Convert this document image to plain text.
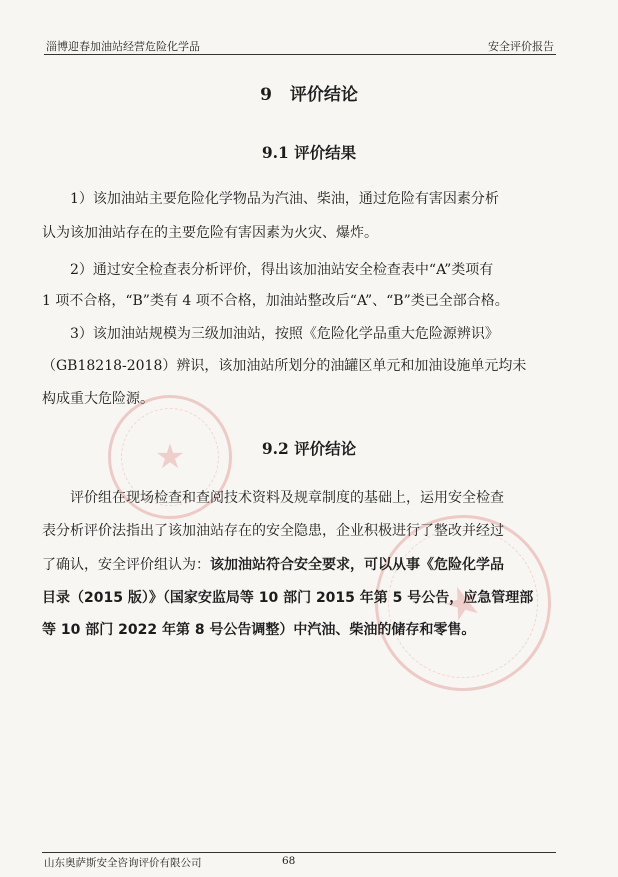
淄博迎春加油站经营危险化学品	安全评价报告
★
★
9 评价结论
9.1 评价结果
1）该加油站主要危险化学物品为汽油、柴油，通过危险有害因素分析
认为该加油站存在的主要危险有害因素为火灾、爆炸。
2）通过安全检查表分析评价，得出该加油站安全检查表中“A”类项有
1 项不合格，“B”类有 4 项不合格，加油站整改后“A”、“B”类已全部合格。
3）该加油站规模为三级加油站，按照《危险化学品重大危险源辨识》
（GB18218-2018）辨识，该加油站所划分的油罐区单元和加油设施单元均未
构成重大危险源。
9.2 评价结论
评价组在现场检查和查阅技术资料及规章制度的基础上，运用安全检查
表分析评价法指出了该加油站存在的安全隐患，企业积极进行了整改并经过
了确认，安全评价组认为：该加油站符合安全要求，可以从事《危险化学品
目录（2015 版）》（国家安监局等 10 部门 2015 年第 5 号公告，应急管理部
等 10 部门 2022 年第 8 号公告调整）中汽油、柴油的储存和零售。
山东奥萨斯安全咨询评价有限公司	68
